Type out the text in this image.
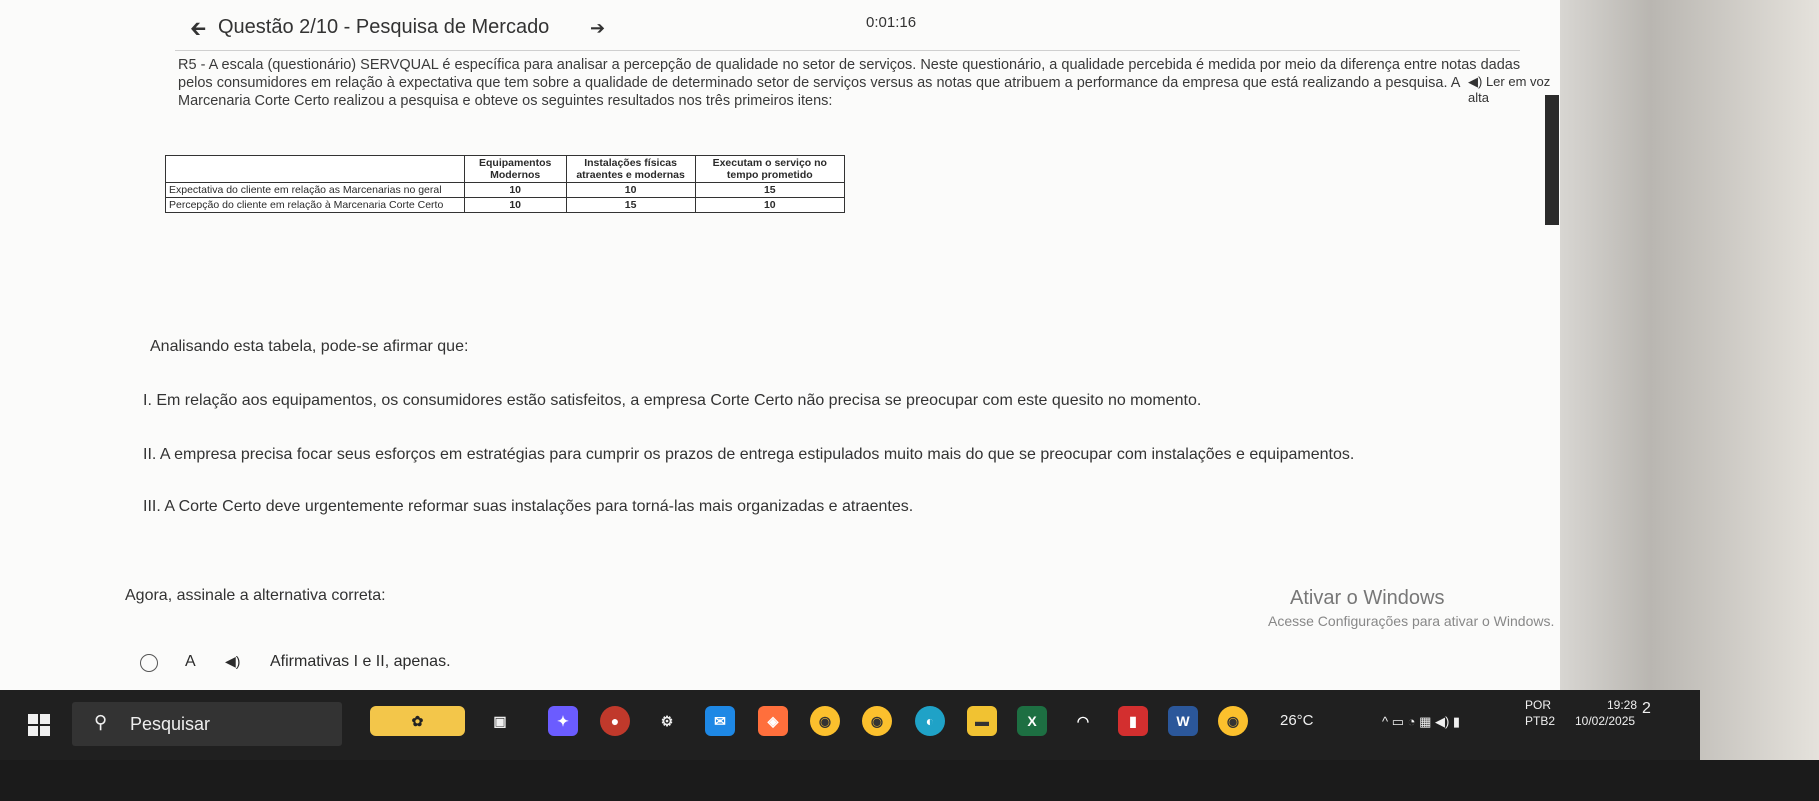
🡰 Questão 2/10 - Pesquisa de Mercado ➔	0:01:16
◀) Ler em voz alta
R5 - A escala (questionário) SERVQUAL é específica para analisar a percepção de qualidade no setor de serviços. Neste questionário, a qualidade percebida é medida por meio da diferença entre notas dadas pelos consumidores em relação à expectativa que tem sobre a qualidade de determinado setor de serviços versus as notas que atribuem a performance da empresa que está realizando a pesquisa. A Marcenaria Corte Certo realizou a pesquisa e obteve os seguintes resultados nos três primeiros itens:
	Equipamentos Modernos	Instalações físicas atraentes e modernas	Executam o serviço no tempo prometido
Expectativa do cliente em relação as Marcenarias no geral	10	10	15
Percepção do cliente em relação à Marcenaria Corte Certo	10	15	10
Analisando esta tabela, pode-se afirmar que:
I. Em relação aos equipamentos, os consumidores estão satisfeitos, a empresa Corte Certo não precisa se preocupar com este quesito no momento.
II. A empresa precisa focar seus esforços em estratégias para cumprir os prazos de entrega estipulados muito mais do que se preocupar com instalações e equipamentos.
III. A Corte Certo deve urgentemente reformar suas instalações para torná-las mais organizadas e atraentes.
Agora, assinale a alternativa correta:	Ativar o Windows
Acesse Configurações para ativar o Windows.
A ◀) Afirmativas I e II, apenas.
⚲ Pesquisar	✿	▣	✦	●	⚙	✉	◈	◉	◉	◐	▬	X	◠	▮	W	◉	26°C	^ ▭ ◔ ▦ ◀) ▮
POR
PTB2
19:28
10/02/2025
2
